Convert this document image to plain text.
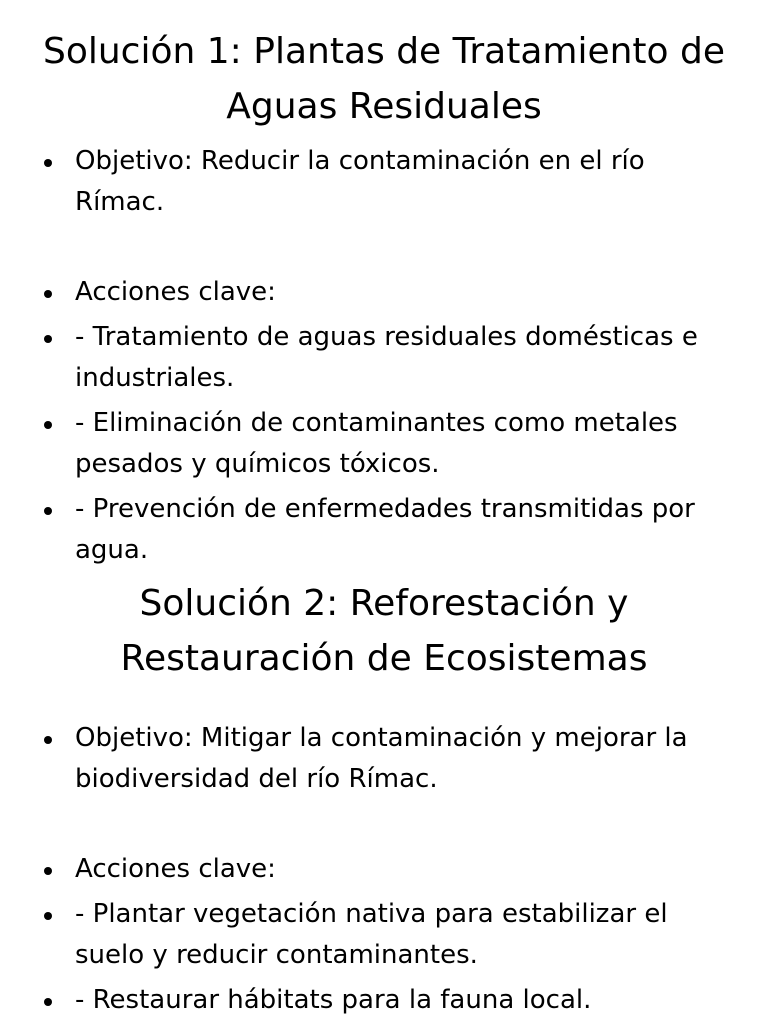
Solución 1: Plantas de Tratamiento de Aguas Residuales
Objetivo: Reducir la contaminación en el río Rímac.
Acciones clave:
- Tratamiento de aguas residuales domésticas e industriales.
- Eliminación de contaminantes como metales pesados y químicos tóxicos.
- Prevención de enfermedades transmitidas por agua.
Solución 2: Reforestación y Restauración de Ecosistemas
Objetivo: Mitigar la contaminación y mejorar la biodiversidad del río Rímac.
Acciones clave:
- Plantar vegetación nativa para estabilizar el suelo y reducir contaminantes.
- Restaurar hábitats para la fauna local.
